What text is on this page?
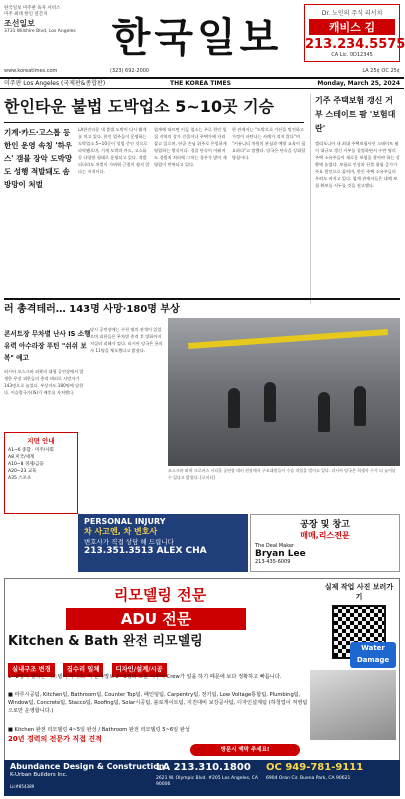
한국일보 미주판 독자 서비스
미주 최대 한인 일간지
조선일보
3731 Wilshire Blvd, Los Angeles 한국일보
Dr. 노인의 주식 리서치
캐비스 김
213.234.5575
CA Lic. 0D12345
www.koreatimes.com	(323) 692-2000	LA 25¢ OC 25¢
미주판 Los Angeles (국제판&종합판)	THE KOREA TIMES	Monday, March 25, 2024
한인타운 불법 도박업소 5~10곳 기승
기계·카드·고스톱 등 한인 운영 속칭 '하우스' 갬블 장악 도박망도 성행 적발돼도 솜방망이 처벌
LA한인타운 내 불법 도박이 다시 활개를 치고 있다. 한인 업주들이 운영하는 도박업소 5~10곳이 성업 중인 것으로 파악됐으며, 기계 도박과 카드, 고스톱 등 다양한 형태로 운영되고 있다. 적발되더라도 처벌이 가벼워 근절이 쉽지 않다는 지적이다.
업계에 따르면 이들 업소는 주로 한인 밀집 지역의 상가 건물이나 주택가에 자리잡고 있으며, 단골 손님 위주로 은밀하게 영업하는 방식이다. 경찰 단속이 이뤄져도 경범죄 처리에 그치는 경우가 많아 재영업이 반복되고 있다.
한 관계자는 "도박으로 가산을 탕진하고 가정이 파탄나는 사례가 적지 않다"며 "커뮤니티 차원의 관심과 예방 교육이 필요하다"고 말했다. 당국은 단속을 강화할 방침이다.
기주 주택보험 갱신 거부 스테이트 팜 '보험대란'
캘리포니아 내 최대 주택보험사인 스테이트 팜이 대규모 갱신 거부를 결정하면서 수만 명의 주택 소유주들이 새로운 보험을 찾아야 하는 상황에 놓였다. 보험료 인상과 산불 위험 증가가 주요 원인으로 꼽히며, 한인 주택 소유주들의 우려도 커지고 있다. 업계 관계자들은 대체 보험 확보를 서두를 것을 권고했다.
러 총격테러… 143명 사망·180명 부상
콘서트장 무차별 난사 IS 소행 유력 아수라장 푸틴 "쉬쉬 보복" 예고
러시아 모스크바 외곽의 대형 공연장에서 발생한 무장 괴한들의 총격 테러로 사망자가 143명으로 늘었다. 부상자도 180명에 달한다. 이슬람국가(IS)가 배후를 자처했다.
당시 공연장에는 수천 명의 관객이 있었으며 괴한들은 무차별 총격 후 방화까지 저질러 피해가 컸다. 러시아 당국은 용의자 11명을 체포했다고 밝혔다.
모스크바 외곽 크로커스 시티홀 공연장 테러 현장에서 구조대원들이 수습 작업을 벌이고 있다. 러시아 당국은 희생자 수가 더 늘어날 수 있다고 밝혔다. [로이터]
지면 안내
A1~6 종합 · 미주/사회
A8 미국/세계
A10~8 경제/금융
A20~23 교육
A35 스포츠
PERSONAL INJURY
차 사고엔, 차 변호사
변호사가 직접 상담 해 드립니다
213.351.3513 ALEX CHA
공장 및 창고
매매,리스전문
The Deal Maker
Bryan Lee
213-435-6009
리모델링 전문
ADU 전문
Kitchen & Bath 완전 리모델링
실내구조 변경	집수리 일체	디자인/설계/시공
1~2명이 일하는 시스템이 아니고, 각 분야별로 2~3명의 조를 이루어 Crew가 일을 하기 때문에 보다 정확하고 빠릅니다.
■ 마루시공팀, Kitchen팀, Bathroom팀, Counter Top팀, 페인팅팀, Carpentry팀, 전기팀, Low Voltage통합팀, Plumbing팀, Window팀, Concrete팀, Stacco팀, Roofing팀, Solar시공팀, 블로게이트팀, 지진대비 보강공사팀, 디자인설계팀 (하청업이 직영팀으로만 운영합니다.)
■ Kitchen 완전 리모델링 4~5일 완성 / Bathroom 완전 리모델링 5~6일 완성
20년 경력의 전문가 직접 견적
실제 작업 사진 보러가기
Water Damage
방문시 액막 주세요!
Abundance Design & Construction
K-Urban Builders Inc.
Lic#854389
LA 213.310.1800
2621 W. Olympic Blvd. #205 Los Angeles, CA 90006
OC 949-781-9111
6904 Oran Cir. Buena Park, CA 90621
